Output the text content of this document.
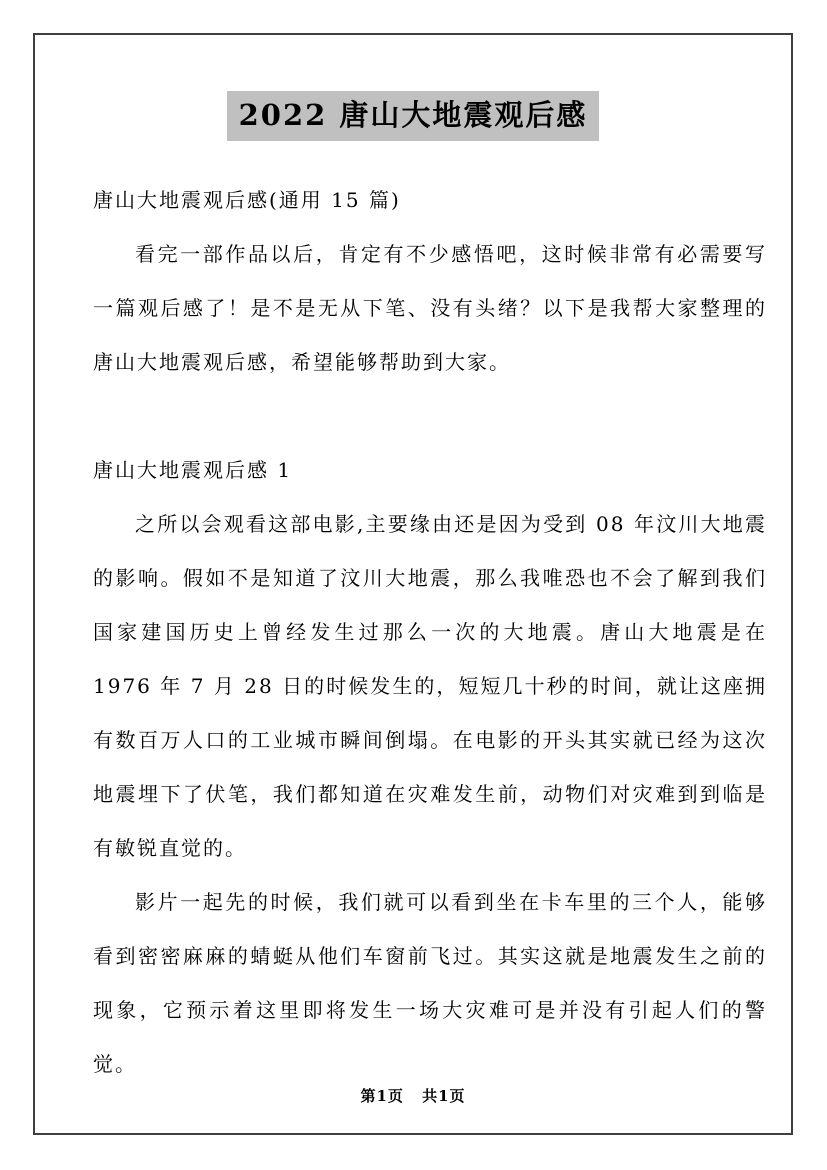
2022 唐山大地震观后感

唐山大地震观后感(通用 15 篇)

看完一部作品以后，肯定有不少感悟吧，这时候非常有必需要写一篇观后感了！是不是无从下笔、没有头绪？以下是我帮大家整理的唐山大地震观后感，希望能够帮助到大家。

唐山大地震观后感 1

之所以会观看这部电影,主要缘由还是因为受到 08 年汶川大地震的影响。假如不是知道了汶川大地震，那么我唯恐也不会了解到我们国家建国历史上曾经发生过那么一次的大地震。唐山大地震是在 1976 年 7 月 28 日的时候发生的，短短几十秒的时间，就让这座拥有数百万人口的工业城市瞬间倒塌。在电影的开头其实就已经为这次地震埋下了伏笔，我们都知道在灾难发生前，动物们对灾难到到临是有敏锐直觉的。

影片一起先的时候，我们就可以看到坐在卡车里的三个人，能够看到密密麻麻的蜻蜓从他们车窗前飞过。其实这就是地震发生之前的现象，它预示着这里即将发生一场大灾难可是并没有引起人们的警觉。

第1页 共1页
